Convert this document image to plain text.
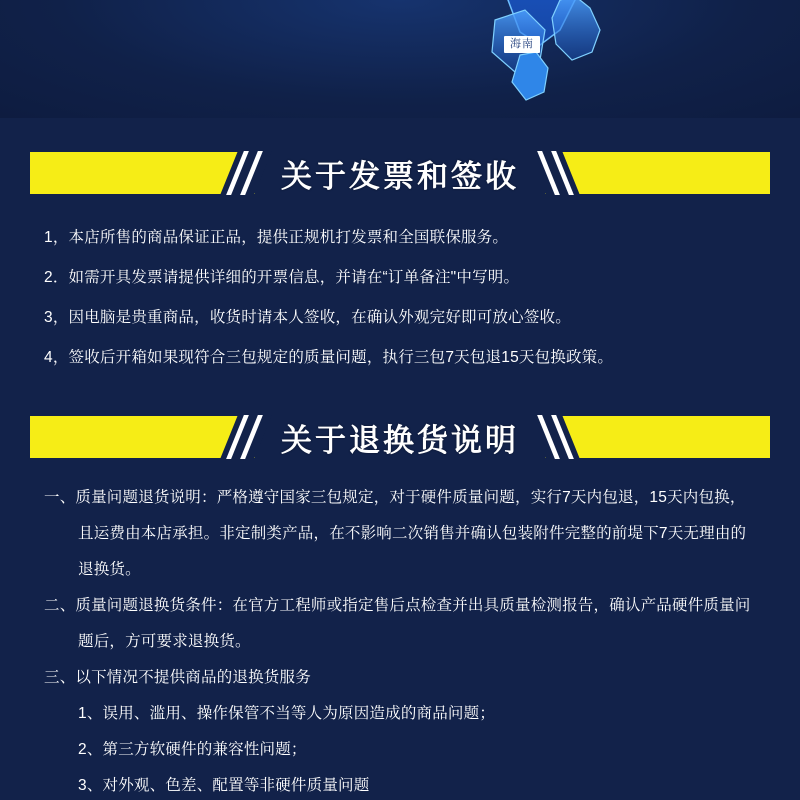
海南
关于发票和签收
1，本店所售的商品保证正品，提供正规机打发票和全国联保服务。
2．如需开具发票请提供详细的开票信息，并请在“订单备注"中写明。
3，因电脑是贵重商品，收货时请本人签收，在确认外观完好即可放心签收。
4，签收后开箱如果现符合三包规定的质量问题，执行三包7天包退15天包换政策。
关于退换货说明
一、质量问题退货说明：严格遵守国家三包规定，对于硬件质量问题，实行7天内包退，15天内包换，且运费由本店承担。非定制类产品，在不影响二次销售并确认包装附件完整的前堤下7天无理由的退换货。
二、质量问题退换货条件：在官方工程师或指定售后点检查并出具质量检测报告，确认产品硬件质量问题后，方可要求退换货。
三、以下情况不提供商品的退换货服务
1、误用、滥用、操作保管不当等人为原因造成的商品问题；
2、第三方软硬件的兼容性问题；
3、对外观、色差、配置等非硬件质量问题
